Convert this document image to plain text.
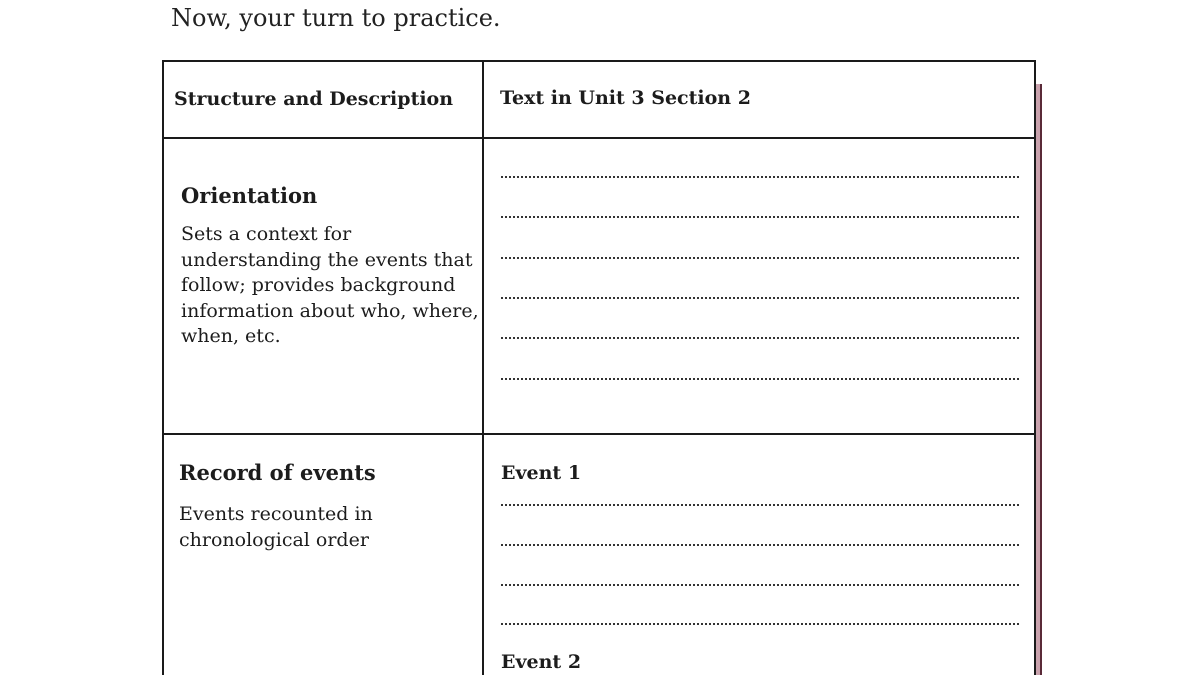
Now, your turn to practice.

Structure and Description Text in Unit 3 Section 2
Orientation
Sets a context for understanding the events that follow; provides background information about who, where, when, etc.
Record of events
Events recounted in chronological order
Event 1
Event 2
